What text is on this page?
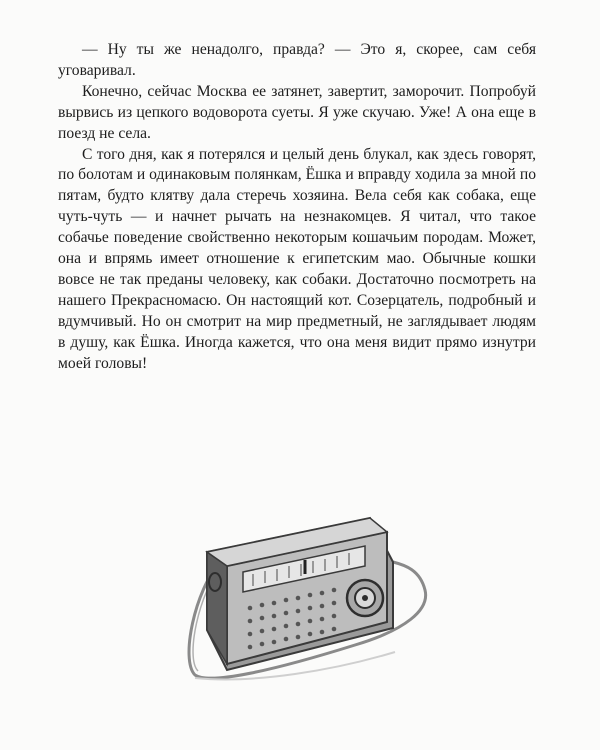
— Ну ты же ненадолго, правда? — Это я, скорее, сам себя уговаривал.

Конечно, сейчас Москва ее затянет, завертит, заморочит. Попробуй вырвись из цепкого водоворота суеты. Я уже скучаю. Уже! А она еще в поезд не села.

С того дня, как я потерялся и целый день блукал, как здесь говорят, по болотам и одинаковым полянкам, Ёшка и вправду ходила за мной по пятам, будто клятву дала стеречь хозяина. Вела себя как собака, еще чуть-чуть — и начнет рычать на незнакомцев. Я читал, что такое собачье поведение свойственно некоторым кошачьим породам. Может, она и впрямь имеет отношение к египетским мао. Обычные кошки вовсе не так преданы человеку, как собаки. Достаточно посмотреть на нашего Прекрасномасю. Он настоящий кот. Созерцатель, подробный и вдумчивый. Но он смотрит на мир предметный, не заглядывает людям в душу, как Ёшка. Иногда кажется, что она меня видит прямо изнутри моей головы!
